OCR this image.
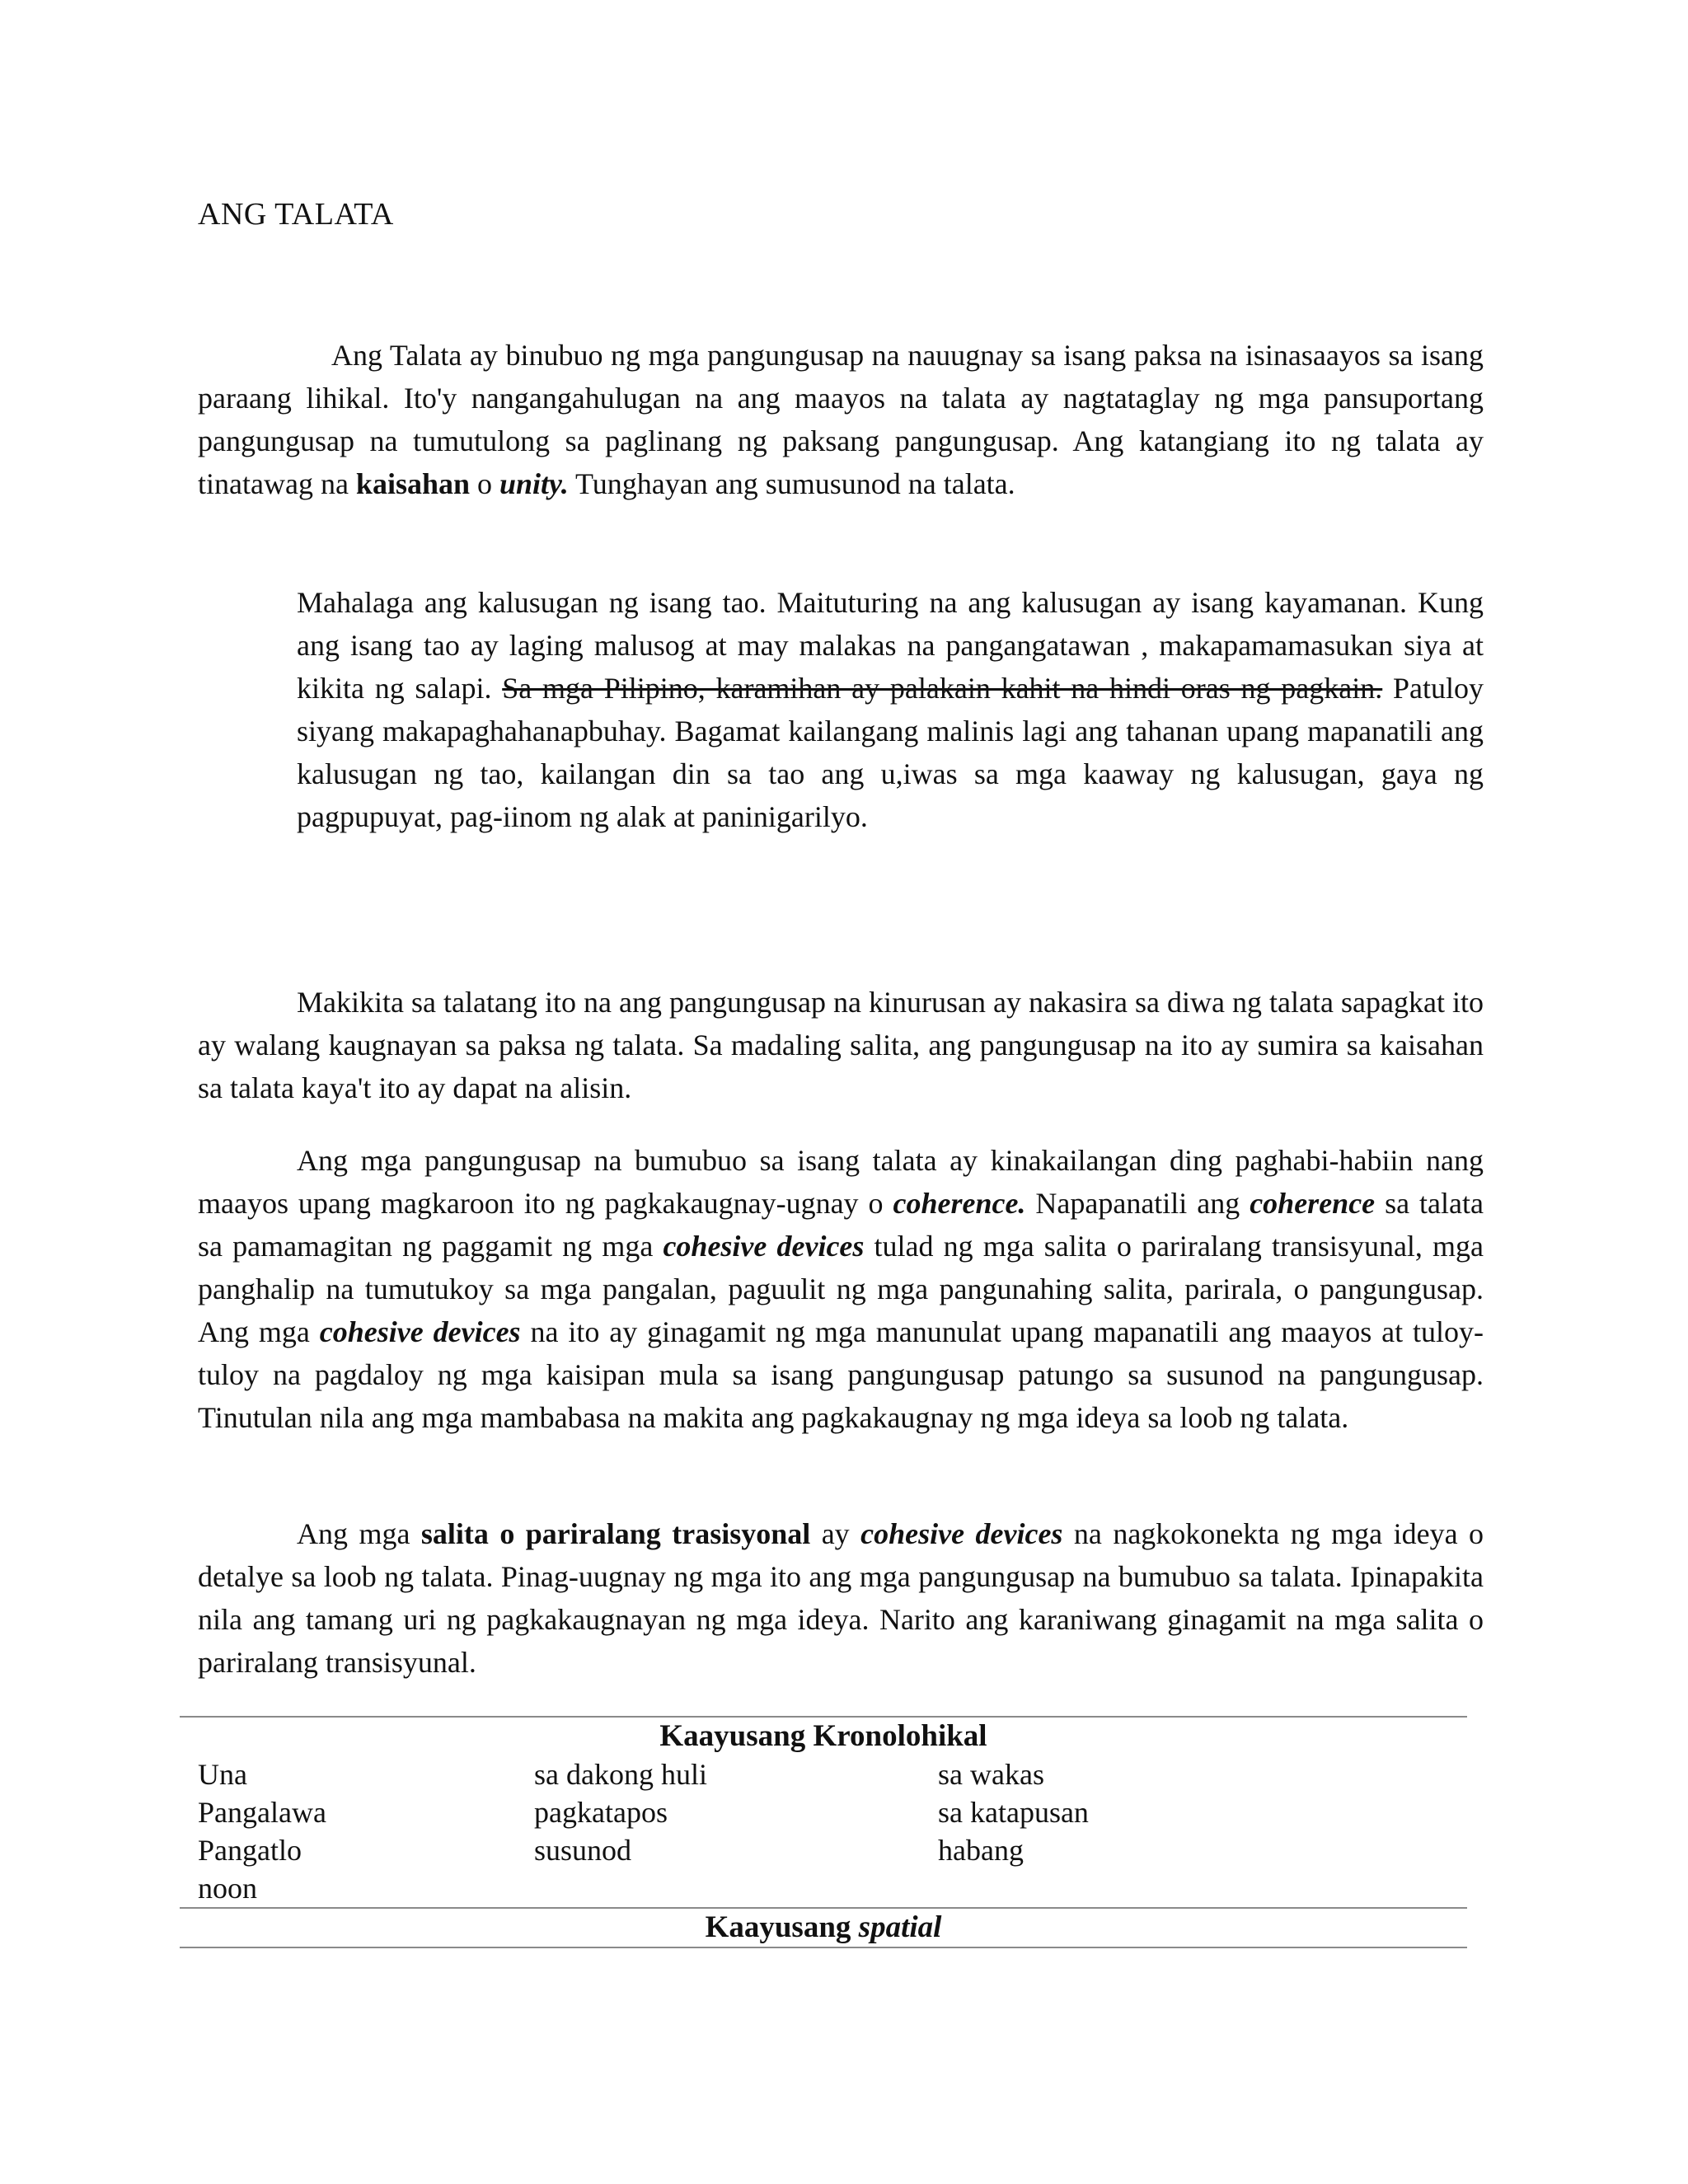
ANG TALATA

Ang Talata ay binubuo ng mga pangungusap na nauugnay sa isang paksa na isinasaayos sa isang paraang lihikal. Ito'y nangangahulugan na ang maayos na talata ay nagtataglay ng mga pansuportang pangungusap na tumutulong sa paglinang ng paksang pangungusap. Ang katangiang ito ng talata ay tinatawag na kaisahan o unity. Tunghayan ang sumusunod na talata.

Mahalaga ang kalusugan ng isang tao. Maituturing na ang kalusugan ay isang kayamanan. Kung ang isang tao ay laging malusog at may malakas na pangangatawan , makapamamasukan siya at kikita ng salapi. Sa mga Pilipino, karamihan ay palakain kahit na hindi oras ng pagkain. Patuloy siyang makapaghahanapbuhay. Bagamat kailangang malinis lagi ang tahanan upang mapanatili ang kalusugan ng tao, kailangan din sa tao ang u,iwas sa mga kaaway ng kalusugan, gaya ng pagpupuyat, pag-iinom ng alak at paninigarilyo.

Makikita sa talatang ito na ang pangungusap na kinurusan ay nakasira sa diwa ng talata sapagkat ito ay walang kaugnayan sa paksa ng talata. Sa madaling salita, ang pangungusap na ito ay sumira sa kaisahan sa talata kaya't ito ay dapat na alisin.

Ang mga pangungusap na bumubuo sa isang talata ay kinakailangan ding paghabi-habiin nang maayos upang magkaroon ito ng pagkakaugnay-ugnay o coherence. Napapanatili ang coherence sa talata sa pamamagitan ng paggamit ng mga cohesive devices tulad ng mga salita o pariralang transisyunal, mga panghalip na tumutukoy sa mga pangalan, paguulit ng mga pangunahing salita, parirala, o pangungusap. Ang mga cohesive devices na ito ay ginagamit ng mga manunulat upang mapanatili ang maayos at tuloy-tuloy na pagdaloy ng mga kaisipan mula sa isang pangungusap patungo sa susunod na pangungusap. Tinutulan nila ang mga mambabasa na makita ang pagkakaugnay ng mga ideya sa loob ng talata.

Ang mga salita o pariralang trasisyonal ay cohesive devices na nagkokonekta ng mga ideya o detalye sa loob ng talata. Pinag-uugnay ng mga ito ang mga pangungusap na bumubuo sa talata. Ipinapakita nila ang tamang uri ng pagkakaugnayan ng mga ideya. Narito ang karaniwang ginagamit na mga salita o pariralang transisyunal.

Kaayusang Kronolohikal
Una	sa dakong huli	sa wakas
Pangalawa	pagkatapos	sa katapusan
Pangatlo	susunod	habang
noon
Kaayusang spatial
